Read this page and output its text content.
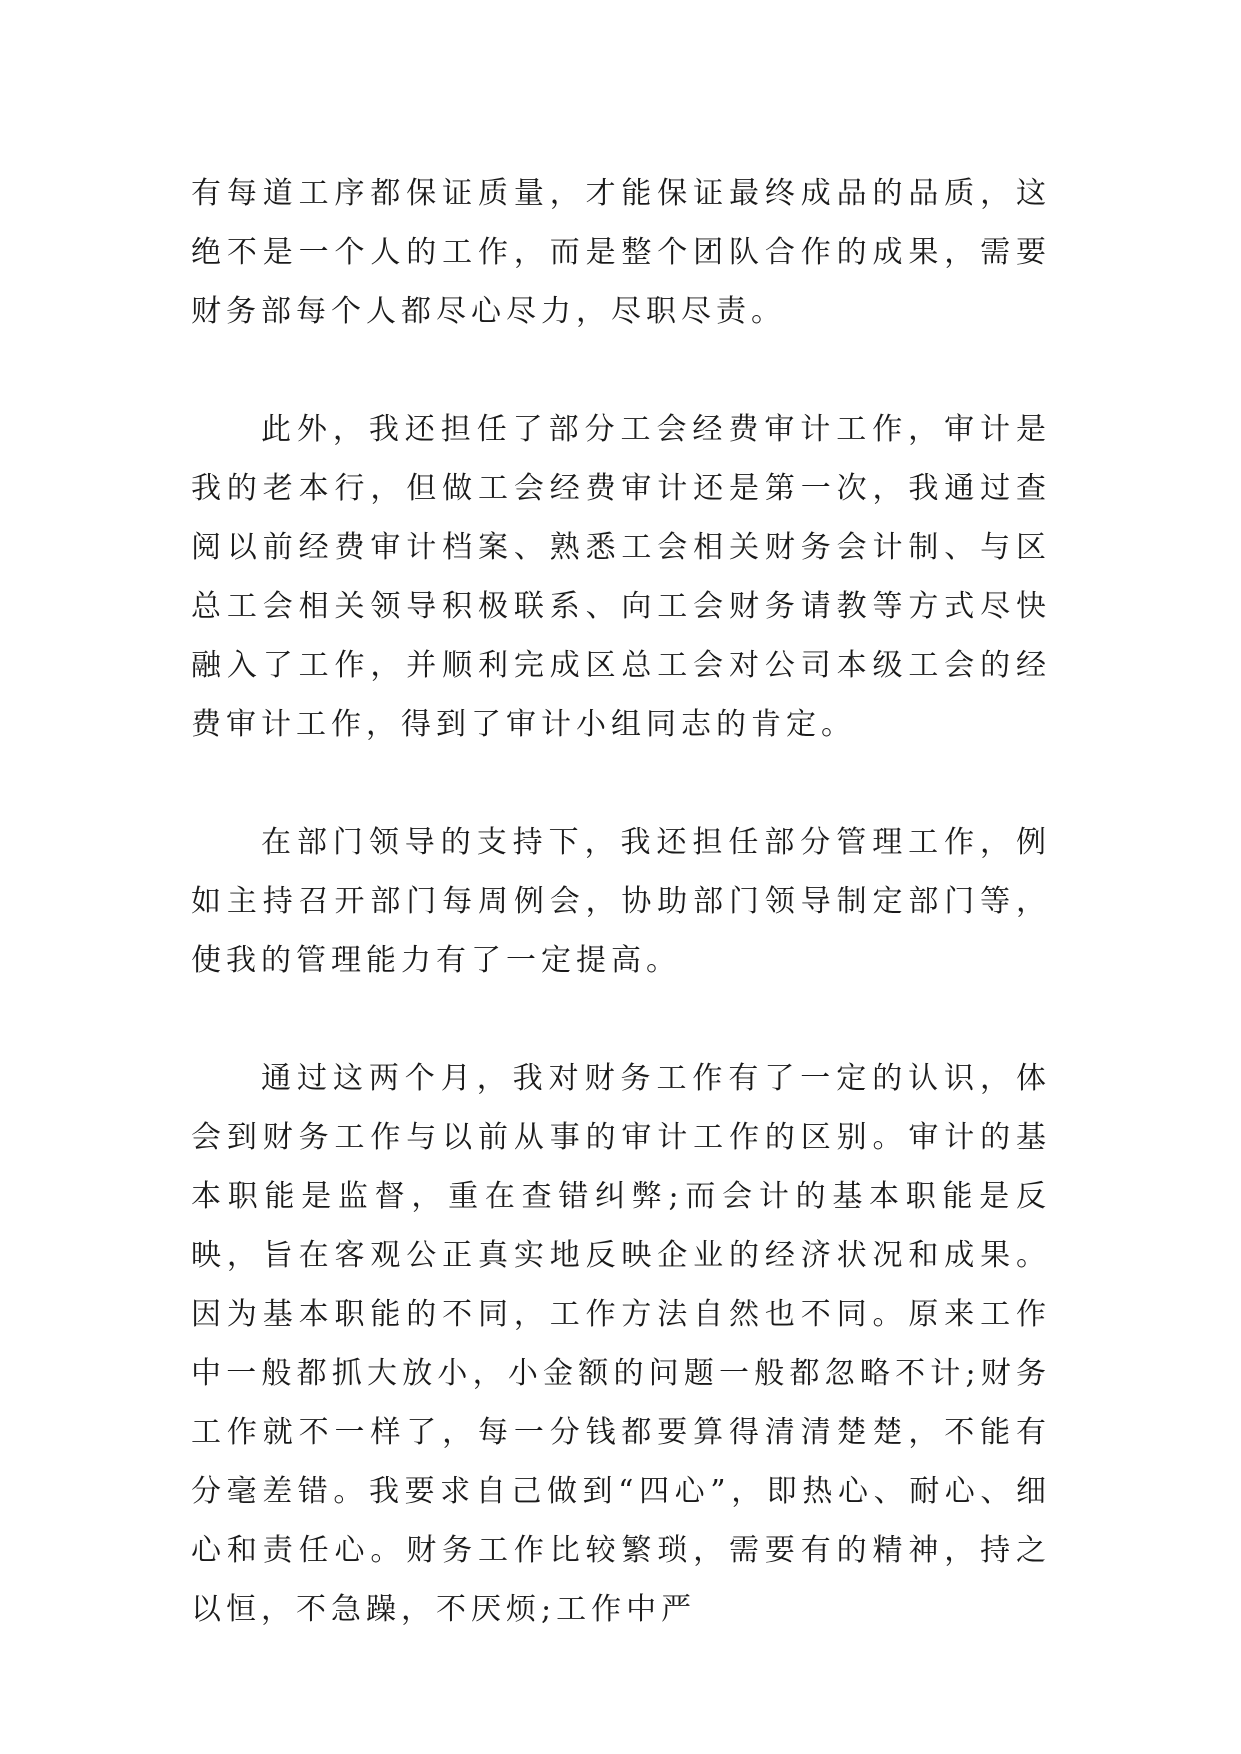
有每道工序都保证质量，才能保证最终成品的品质，这绝不是一个人的工作，而是整个团队合作的成果，需要财务部每个人都尽心尽力，尽职尽责。

此外，我还担任了部分工会经费审计工作，审计是我的老本行，但做工会经费审计还是第一次，我通过查阅以前经费审计档案、熟悉工会相关财务会计制、与区总工会相关领导积极联系、向工会财务请教等方式尽快融入了工作，并顺利完成区总工会对公司本级工会的经费审计工作，得到了审计小组同志的肯定。

在部门领导的支持下，我还担任部分管理工作，例如主持召开部门每周例会，协助部门领导制定部门等，使我的管理能力有了一定提高。

通过这两个月，我对财务工作有了一定的认识，体会到财务工作与以前从事的审计工作的区别。审计的基本职能是监督，重在查错纠弊;而会计的基本职能是反映，旨在客观公正真实地反映企业的经济状况和成果。因为基本职能的不同，工作方法自然也不同。原来工作中一般都抓大放小，小金额的问题一般都忽略不计;财务工作就不一样了，每一分钱都要算得清清楚楚，不能有分毫差错。我要求自己做到“四心”，即热心、耐心、细心和责任心。财务工作比较繁琐，需要有的精神，持之以恒，不急躁，不厌烦;工作中严
